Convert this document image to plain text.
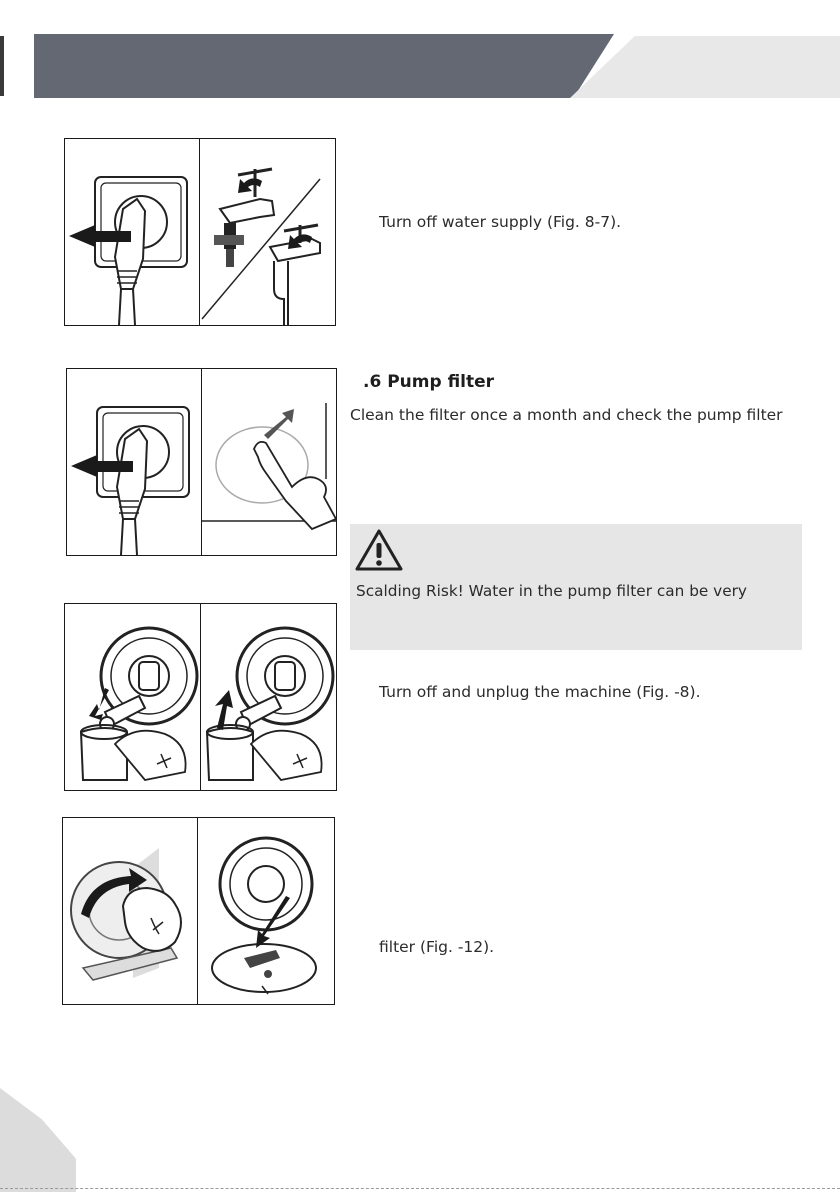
Turn off water supply (Fig. 8-7).
.6 Pump filter
Clean the filter once a month and check the pump filter
Scalding Risk! Water in the pump filter can be very
Turn off and unplug the machine (Fig. -8).
filter (Fig. -12).
